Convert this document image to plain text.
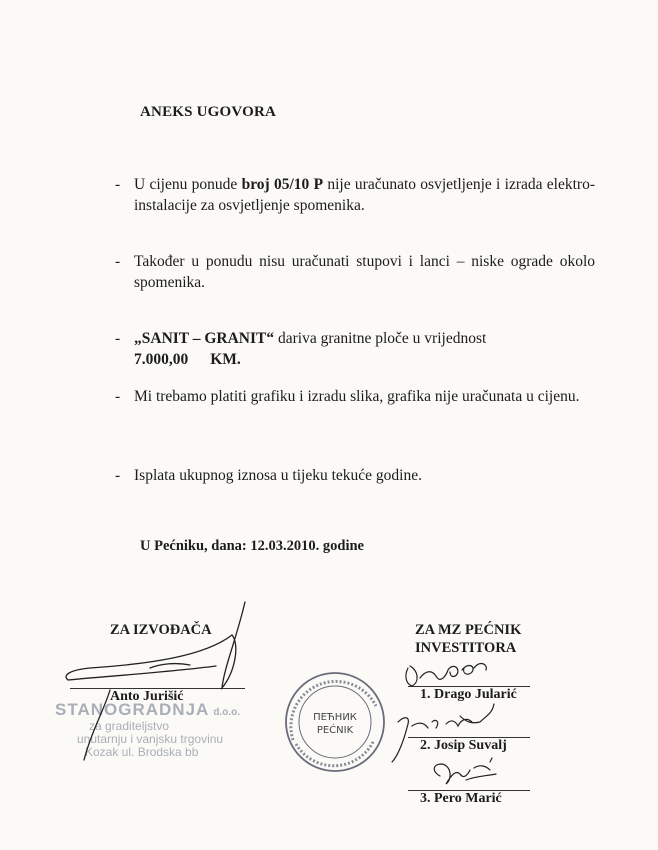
ANEKS UGOVORA
- U cijenu ponude broj 05/10 P nije uračunato osvjetljenje i izrada elektro-instalacije za osvjetljenje spomenika.
- Također u ponudu nisu uračunati stupovi i lanci – niske ograde okolo spomenika.
- „SANIT – GRANIT“ dariva granitne ploče u vrijednost
7.000,00 KM.
- Mi trebamo platiti grafiku i izradu slika, grafika nije uračunata u cijenu.
- Isplata ukupnog iznosa u tijeku tekuće godine.
U Pećniku, dana: 12.03.2010. godine
ZA IZVOĐAČA
Anto Jurišić
STANOGRADNJA d.o.o.
za graditeljstvo
unutarnju i vanjsku trgovinu
Kozak ul. Brodska bb
ZA MZ PEĆNIK
INVESTITORA
1. Drago Jularić
2. Josip Suvalj
3. Pero Marić
ПЕЋНИК
PEĆNIK
